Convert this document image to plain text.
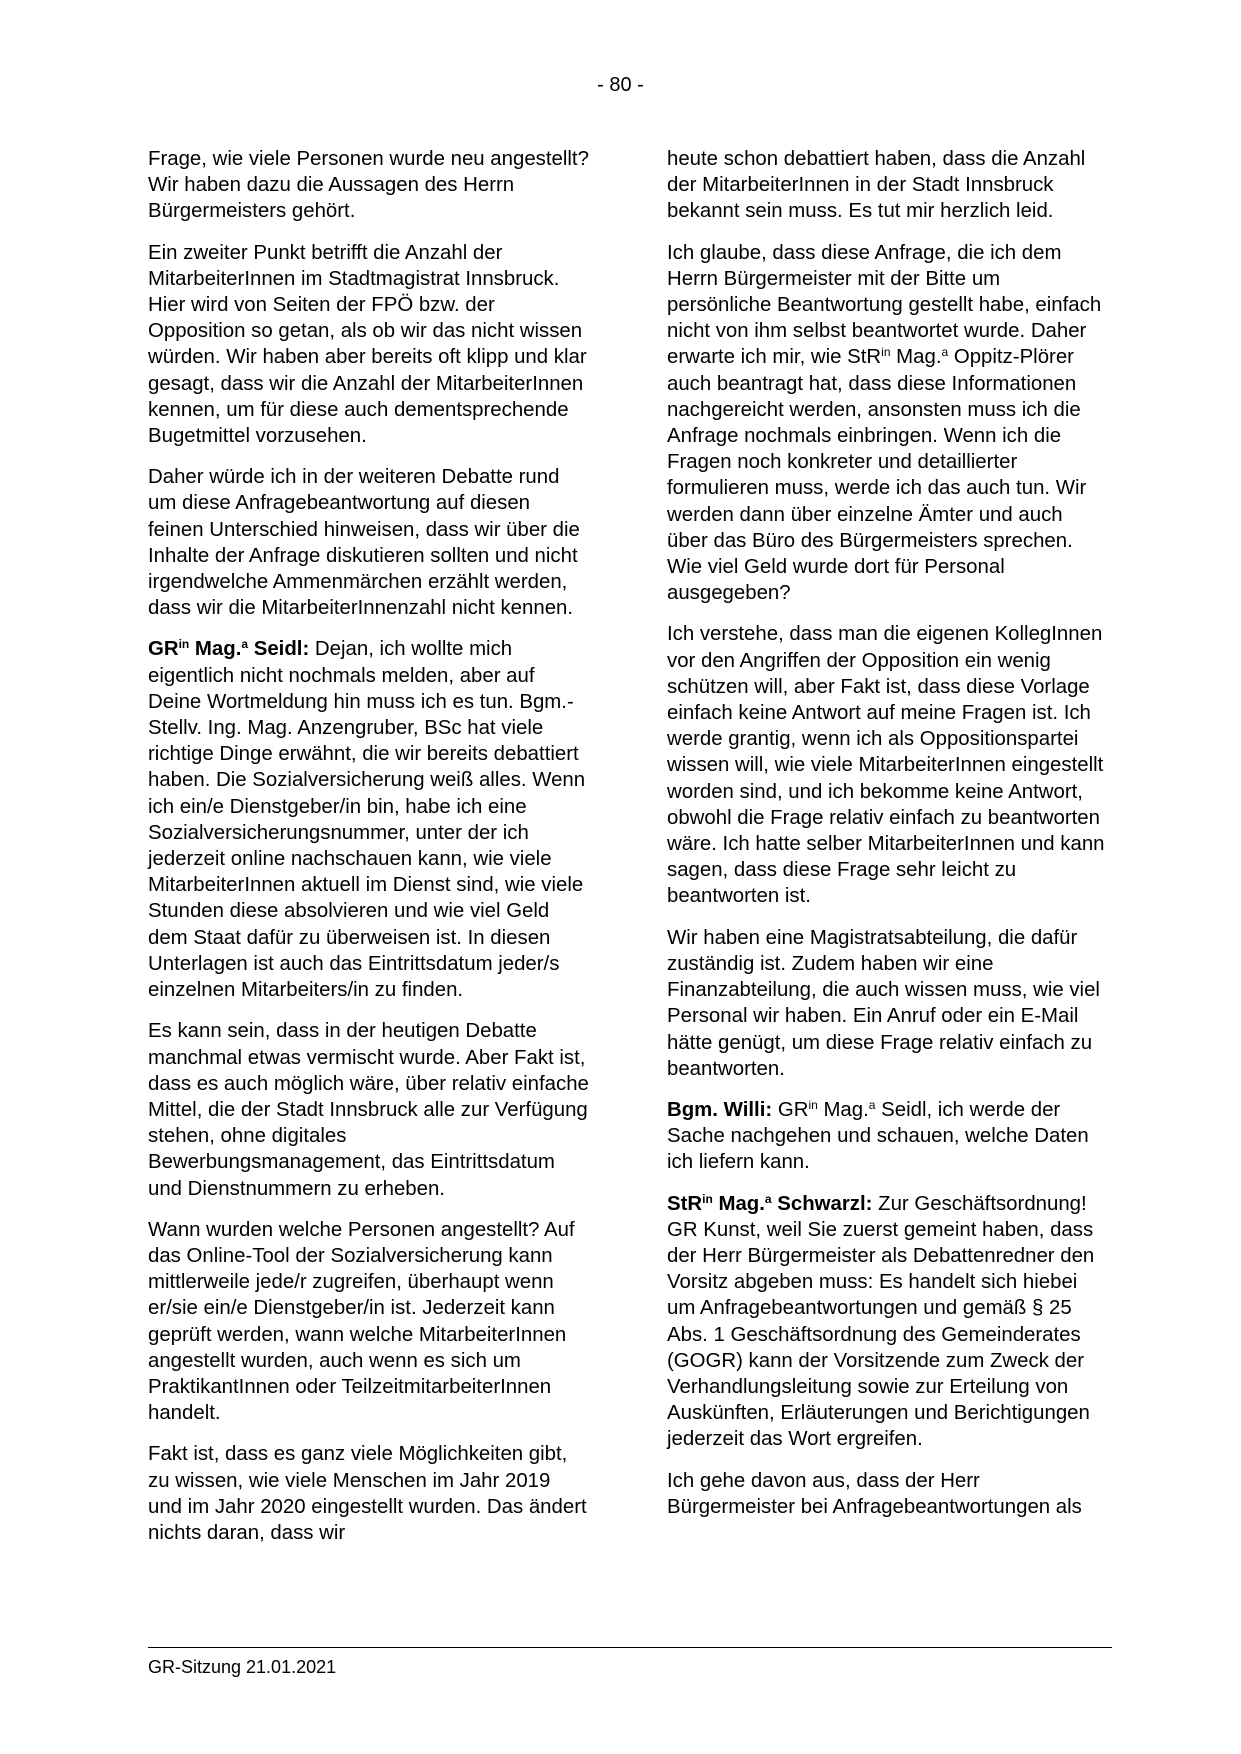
- 80 -

Frage, wie viele Personen wurde neu angestellt? Wir haben dazu die Aussagen des Herrn Bürgermeisters gehört.

Ein zweiter Punkt betrifft die Anzahl der MitarbeiterInnen im Stadtmagistrat Innsbruck. Hier wird von Seiten der FPÖ bzw. der Opposition so getan, als ob wir das nicht wissen würden. Wir haben aber bereits oft klipp und klar gesagt, dass wir die Anzahl der MitarbeiterInnen kennen, um für diese auch dementsprechende Bugetmittel vorzusehen.

Daher würde ich in der weiteren Debatte rund um diese Anfragebeantwortung auf diesen feinen Unterschied hinweisen, dass wir über die Inhalte der Anfrage diskutieren sollten und nicht irgendwelche Ammenmärchen erzählt werden, dass wir die MitarbeiterInnenzahl nicht kennen.

$GR^{in}$ Mag.$^a$ Seidl: Dejan, ich wollte mich eigentlich nicht nochmals melden, aber auf Deine Wortmeldung hin muss ich es tun. Bgm.-Stellv. Ing. Mag. Anzengruber, BSc hat viele richtige Dinge erwähnt, die wir bereits debattiert haben. Die Sozialversicherung weiß alles. Wenn ich ein/e Dienstgeber/in bin, habe ich eine Sozialversicherungsnummer, unter der ich jederzeit online nachschauen kann, wie viele MitarbeiterInnen aktuell im Dienst sind, wie viele Stunden diese absolvieren und wie viel Geld dem Staat dafür zu überweisen ist. In diesen Unterlagen ist auch das Eintrittsdatum jeder/s einzelnen Mitarbeiters/in zu finden.

Es kann sein, dass in der heutigen Debatte manchmal etwas vermischt wurde. Aber Fakt ist, dass es auch möglich wäre, über relativ einfache Mittel, die der Stadt Innsbruck alle zur Verfügung stehen, ohne digitales Bewerbungsmanagement, das Eintrittsdatum und Dienstnummern zu erheben.

Wann wurden welche Personen angestellt? Auf das Online-Tool der Sozialversicherung kann mittlerweile jede/r zugreifen, überhaupt wenn er/sie ein/e Dienstgeber/in ist. Jederzeit kann geprüft werden, wann welche MitarbeiterInnen angestellt wurden, auch wenn es sich um PraktikantInnen oder TeilzeitmitarbeiterInnen handelt.

Fakt ist, dass es ganz viele Möglichkeiten gibt, zu wissen, wie viele Menschen im Jahr 2019 und im Jahr 2020 eingestellt wurden. Das ändert nichts daran, dass wir

heute schon debattiert haben, dass die Anzahl der MitarbeiterInnen in der Stadt Innsbruck bekannt sein muss. Es tut mir herzlich leid.

Ich glaube, dass diese Anfrage, die ich dem Herrn Bürgermeister mit der Bitte um persönliche Beantwortung gestellt habe, einfach nicht von ihm selbst beantwortet wurde. Daher erwarte ich mir, wie StR$^{in}$ Mag.$^a$ Oppitz-Plörer auch beantragt hat, dass diese Informationen nachgereicht werden, ansonsten muss ich die Anfrage nochmals einbringen. Wenn ich die Fragen noch konkreter und detaillierter formulieren muss, werde ich das auch tun. Wir werden dann über einzelne Ämter und auch über das Büro des Bürgermeisters sprechen. Wie viel Geld wurde dort für Personal ausgegeben?

Ich verstehe, dass man die eigenen KollegInnen vor den Angriffen der Opposition ein wenig schützen will, aber Fakt ist, dass diese Vorlage einfach keine Antwort auf meine Fragen ist. Ich werde grantig, wenn ich als Oppositionspartei wissen will, wie viele MitarbeiterInnen eingestellt worden sind, und ich bekomme keine Antwort, obwohl die Frage relativ einfach zu beantworten wäre. Ich hatte selber MitarbeiterInnen und kann sagen, dass diese Frage sehr leicht zu beantworten ist.

Wir haben eine Magistratsabteilung, die dafür zuständig ist. Zudem haben wir eine Finanzabteilung, die auch wissen muss, wie viel Personal wir haben. Ein Anruf oder ein E-Mail hätte genügt, um diese Frage relativ einfach zu beantworten.

Bgm. Willi: $GR^{in}$ Mag.$^a$ Seidl, ich werde der Sache nachgehen und schauen, welche Daten ich liefern kann.

StR$^{in}$ Mag.$^a$ Schwarzl: Zur Geschäftsordnung! GR Kunst, weil Sie zuerst gemeint haben, dass der Herr Bürgermeister als Debattenredner den Vorsitz abgeben muss: Es handelt sich hiebei um Anfragebeantwortungen und gemäß § 25 Abs. 1 Geschäftsordnung des Gemeinderates (GOGR) kann der Vorsitzende zum Zweck der Verhandlungsleitung sowie zur Erteilung von Auskünften, Erläuterungen und Berichtigungen jederzeit das Wort ergreifen.

Ich gehe davon aus, dass der Herr Bürgermeister bei Anfragebeantwortungen als

GR-Sitzung 21.01.2021
